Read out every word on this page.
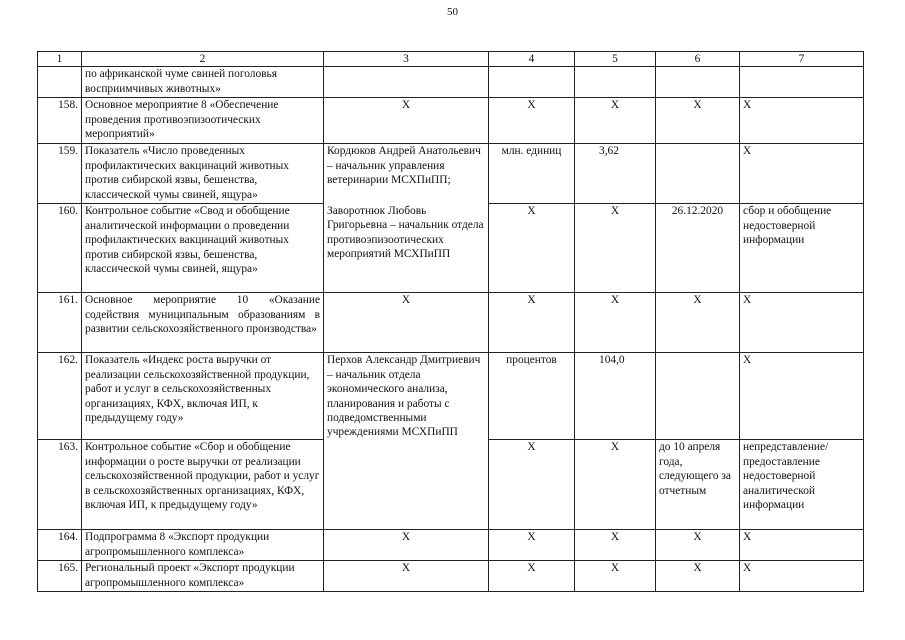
50
1	2	3	4	5	6	7
	по африканской чуме свиней поголовья восприимчивых животных»					
158.	Основное мероприятие 8 «Обеспечение проведения противоэпизоотических мероприятий»	X	X	X	X	X
159.	Показатель «Число проведенных профилактических вакцинаций животных против сибирской язвы, бешенства, классической чумы свиней, ящура»	Кордюков Андрей Анатольевич – начальник управления ветеринарии МСХПиПП;	млн. единиц	3,62		X
160.	Контрольное событие «Свод и обобщение аналитической информации о проведении профилактических вакцинаций животных против сибирской язвы, бешенства, классической чумы свиней, ящура»	Заворотнюк Любовь Григорьевна – начальник отдела противоэпизоотических мероприятий МСХПиПП	X	X	26.12.2020	сбор и обобщение недостоверной информации
161.	Основное мероприятие 10 «Оказание содействия муниципальным образованиям в развитии сельскохозяйственного производства»	X	X	X	X	X
162.	Показатель «Индекс роста выручки от реализации сельскохозяйственной продукции, работ и услуг в сельскохозяйственных организациях, КФХ, включая ИП, к предыдущему году»	Перхов Александр Дмитриевич – начальник отдела экономического анализа, планирования и работы с подведомственными учреждениями МСХПиПП	процентов	104,0		X
163.	Контрольное событие «Сбор и обобщение информации о росте выручки от реализации сельскохозяйственной продукции, работ и услуг в сельскохозяйственных организациях, КФХ, включая ИП, к предыдущему году»		X	X	до 10 апреля года, следующего за отчетным	непредставление/ предоставление недостоверной аналитической информации
164.	Подпрограмма 8 «Экспорт продукции агропромышленного комплекса»	X	X	X	X	X
165.	Региональный проект «Экспорт продукции агропромышленного комплекса»	X	X	X	X	X
